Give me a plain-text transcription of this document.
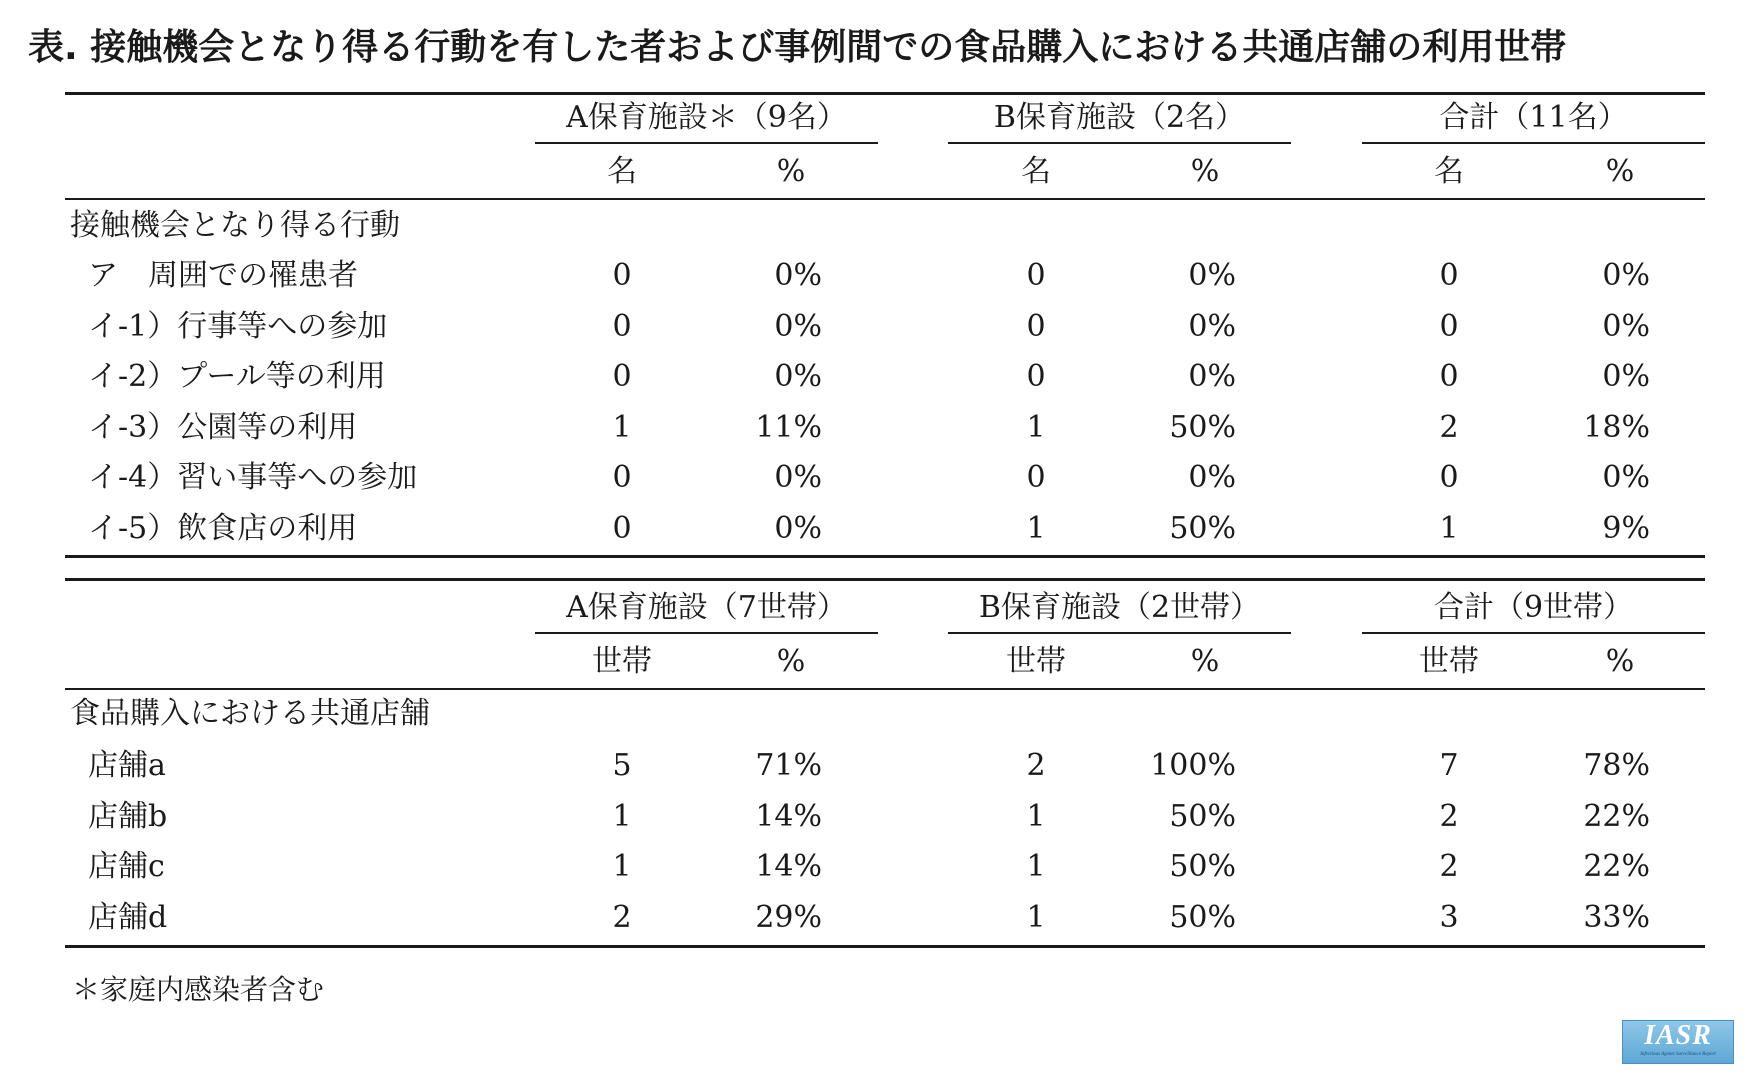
表. 接触機会となり得る行動を有した者および事例間での食品購入における共通店舗の利用世帯
A保育施設＊（9名）	B保育施設（2名）	合計（11名）
名	%	名	%	名	%
接触機会となり得る行動
ア　周囲での罹患者	0	0%	0	0%	0	0%
イ-1）行事等への参加	0	0%	0	0%	0	0%
イ-2）プール等の利用	0	0%	0	0%	0	0%
イ-3）公園等の利用	1	11%	1	50%	2	18%
イ-4）習い事等への参加	0	0%	0	0%	0	0%
イ-5）飲食店の利用	0	0%	1	50%	1	9%
A保育施設（7世帯）	B保育施設（2世帯）	合計（9世帯）
世帯	%	世帯	%	世帯	%
食品購入における共通店舗
店舗a	5	71%	2	100%	7	78%
店舗b	1	14%	1	50%	2	22%
店舗c	1	14%	1	50%	2	22%
店舗d	2	29%	1	50%	3	33%
＊家庭内感染者含む
IASR
Infectious Agents Surveillance Report
